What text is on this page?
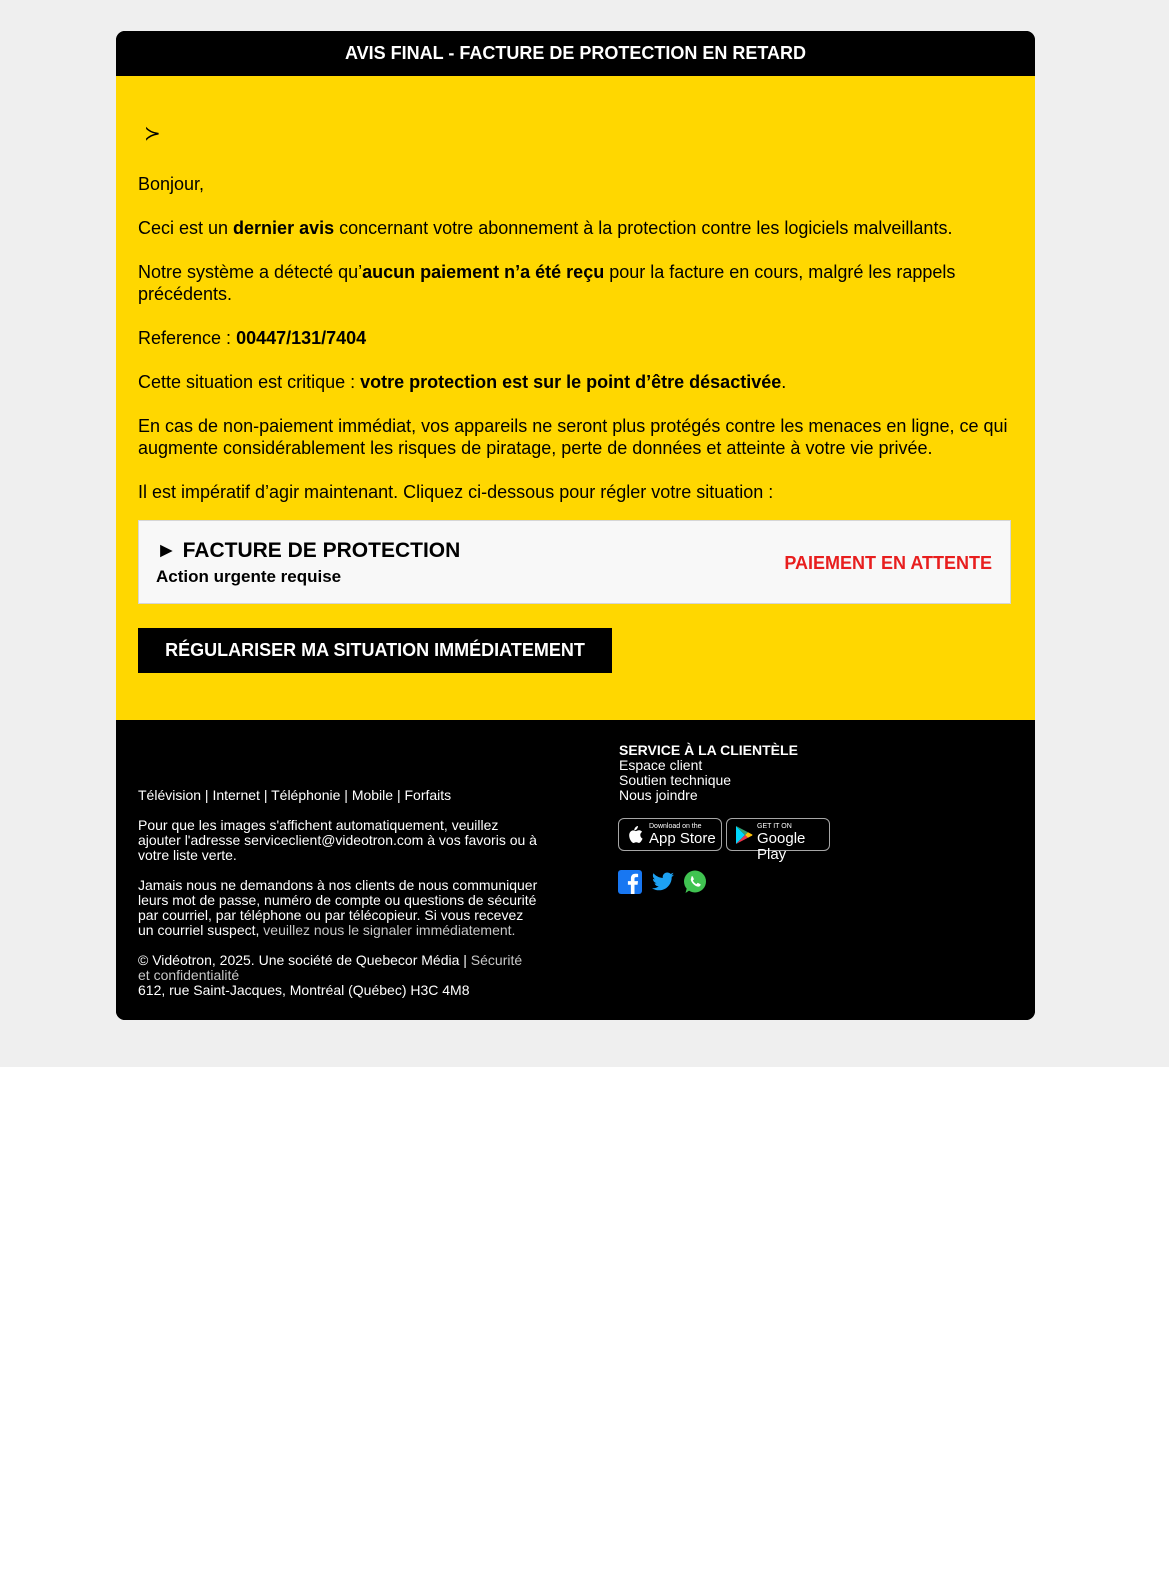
AVIS FINAL - FACTURE DE PROTECTION EN RETARD
≻

Bonjour,

Ceci est un dernier avis concernant votre abonnement à la protection contre les logiciels malveillants.

Notre système a détecté qu’aucun paiement n’a été reçu pour la facture en cours, malgré les rappels précédents.

Reference : 00447/131/7404

Cette situation est critique : votre protection est sur le point d’être désactivée.

En cas de non-paiement immédiat, vos appareils ne seront plus protégés contre les menaces en ligne, ce qui augmente considérablement les risques de piratage, perte de données et atteinte à votre vie privée.

Il est impératif d’agir maintenant. Cliquez ci-dessous pour régler votre situation :

► FACTURE DE PROTECTION
Action urgente requise
PAIEMENT EN ATTENTE
RÉGULARISER MA SITUATION IMMÉDIATEMENT
Télévision | Internet | Téléphonie | Mobile | Forfaits

Pour que les images s'affichent automatiquement, veuillez ajouter l'adresse serviceclient@videotron.com à vos favoris ou à votre liste verte.

Jamais nous ne demandons à nos clients de nous communiquer leurs mot de passe, numéro de compte ou questions de sécurité par courriel, par téléphone ou par télécopieur. Si vous recevez un courriel suspect, veuillez nous le signaler immédiatement.

© Vidéotron, 2025. Une société de Quebecor Média | Sécurité et confidentialité

612, rue Saint-Jacques, Montréal (Québec) H3C 4M8

SERVICE À LA CLIENTÈLE
Espace client
Soutien technique
Nous joindre
Download on the
App Store
GET IT ON
Google Play
